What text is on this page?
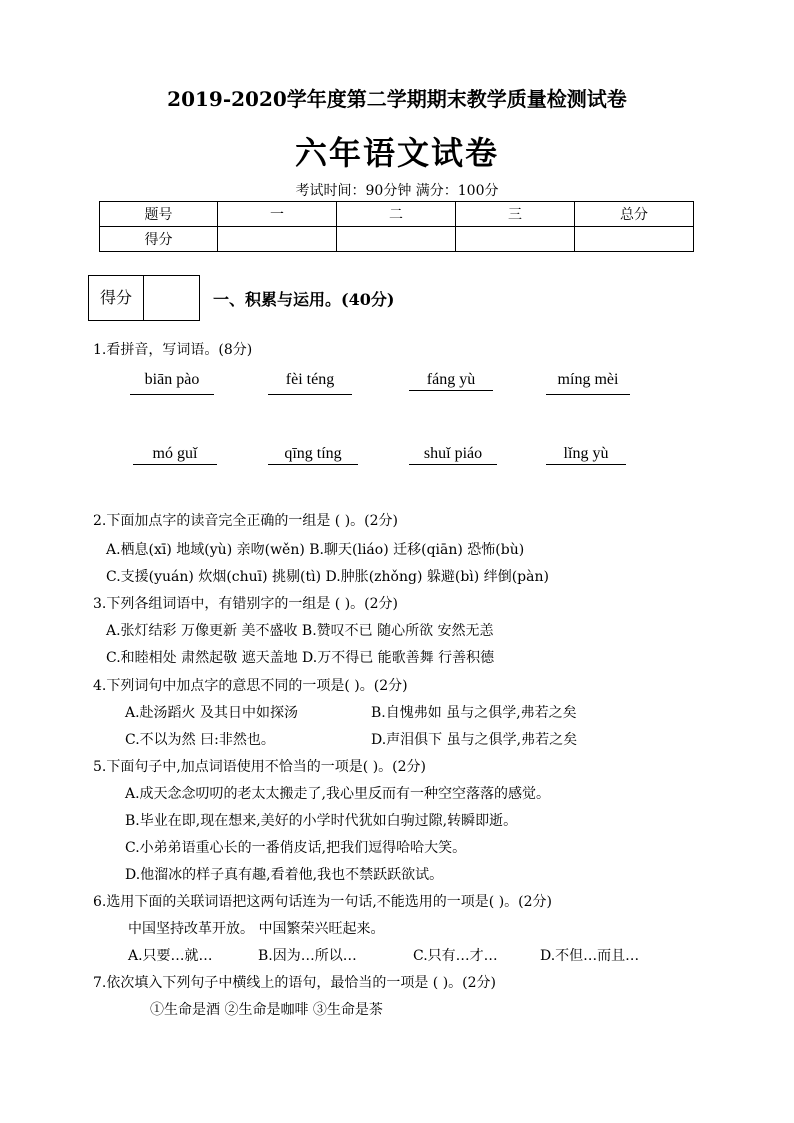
2019-2020学年度第二学期期末教学质量检测试卷
六年语文试卷
考试时间：90分钟 满分：100分
题号	一	二	三	总分
得分				
得分	一、积累与运用。(40分)
1.看拼音，写词语。(8分)
biān pào	fèi téng	fáng yù	míng mèi
mó guǐ	qīng tíng	shuǐ piáo	lǐng yù
2.下面加点字的读音完全正确的一组是 ( )。(2分)
A.栖息(xī) 地域(yù) 亲吻(wěn) B.聊天(liáo) 迁移(qiān) 恐怖(bù)
C.支援(yuán) 炊烟(chuī) 挑剔(tì) D.肿胀(zhǒng) 躲避(bì) 绊倒(pàn)
3.下列各组词语中，有错别字的一组是 ( )。(2分)
A.张灯结彩 万像更新 美不盛收 B.赞叹不已 随心所欲 安然无恙
C.和睦相处 肃然起敬 遮天盖地 D.万不得已 能歌善舞 行善积德
4.下列词句中加点字的意思不同的一项是( )。(2分)
A.赴汤蹈火 及其日中如探汤	B.自愧弗如 虽与之俱学,弗若之矣
C.不以为然 曰:非然也。	D.声泪俱下 虽与之俱学,弗若之矣
5.下面句子中,加点词语使用不恰当的一项是( )。(2分)
A.成天念念叨叨的老太太搬走了,我心里反而有一种空空落落的感觉。
B.毕业在即,现在想来,美好的小学时代犹如白驹过隙,转瞬即逝。
C.小弟弟语重心长的一番俏皮话,把我们逗得哈哈大笑。
D.他溜冰的样子真有趣,看着他,我也不禁跃跃欲试。
6.选用下面的关联词语把这两句话连为一句话,不能选用的一项是( )。(2分)
中国坚持改革开放。 中国繁荣兴旺起来。
A.只要…就…	B.因为…所以…	C.只有…才…	D.不但…而且…
7.依次填入下列句子中横线上的语句，最恰当的一项是 ( )。(2分)
①生命是酒 ②生命是咖啡 ③生命是茶
